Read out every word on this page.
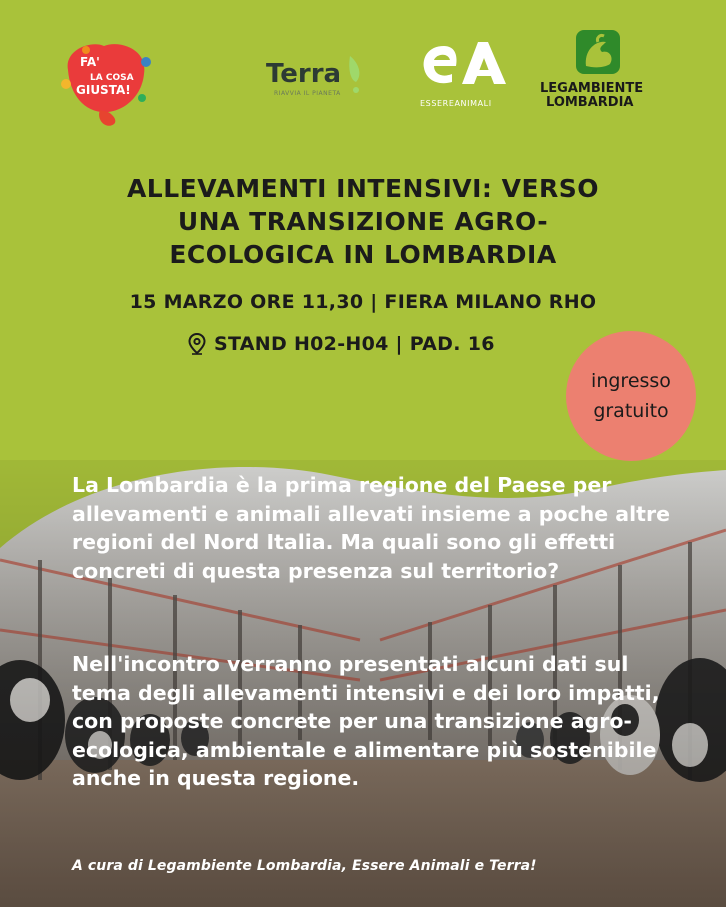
FA'
LA COSA
GIUSTA!
Terra
RIAVVIA IL PIANETA
ESSEREANIMALI
LEGAMBIENTE
LOMBARDIA
ALLEVAMENTI INTENSIVI: VERSO
UNA TRANSIZIONE AGRO-
ECOLOGICA IN LOMBARDIA
15 MARZO ORE 11,30 | FIERA MILANO RHO
STAND H02-H04 | PAD. 16
ingresso
gratuito
La Lombardia è la prima regione del Paese per allevamenti e animali allevati insieme a poche altre regioni del Nord Italia. Ma quali sono gli effetti concreti di questa presenza sul territorio?
Nell'incontro verranno presentati alcuni dati sul tema degli allevamenti intensivi e dei loro impatti, con proposte concrete per una transizione agro-ecologica, ambientale e alimentare più sostenibile anche in questa regione.
A cura di Legambiente Lombardia, Essere Animali e Terra!
